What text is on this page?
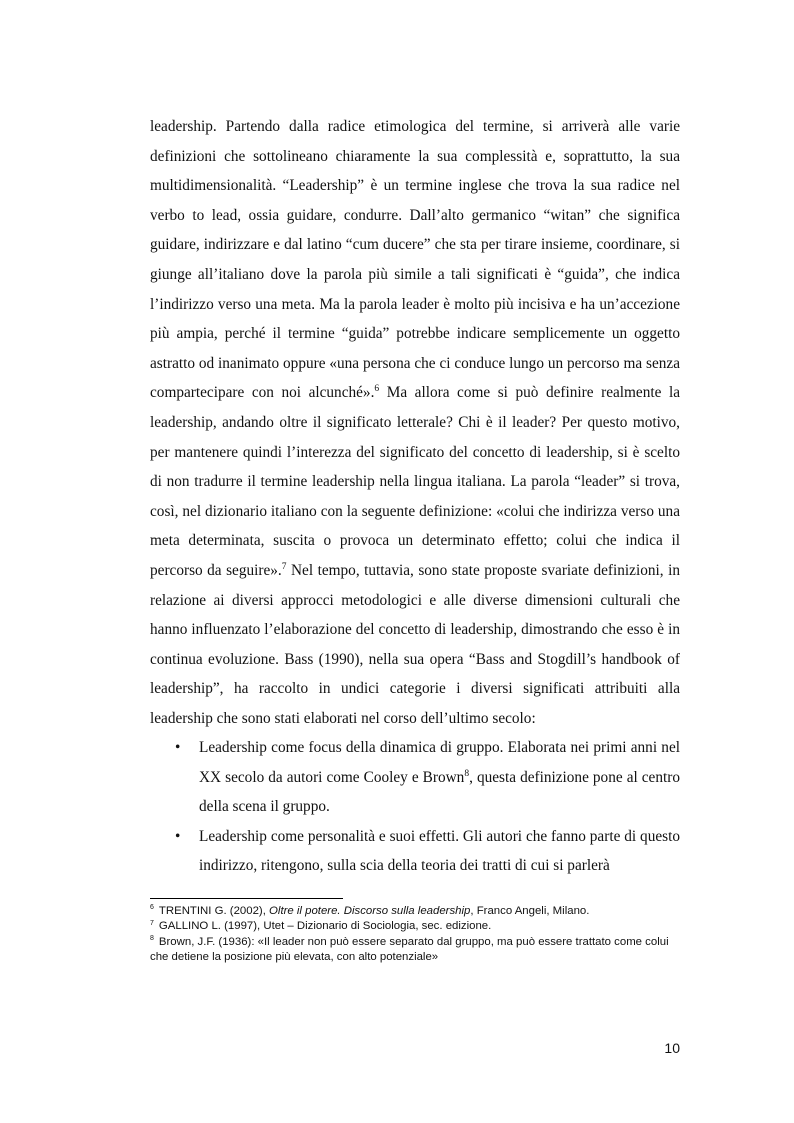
leadership. Partendo dalla radice etimologica del termine, si arriverà alle varie definizioni che sottolineano chiaramente la sua complessità e, soprattutto, la sua multidimensionalità. “Leadership” è un termine inglese che trova la sua radice nel verbo to lead, ossia guidare, condurre. Dall’alto germanico “witan” che significa guidare, indirizzare e dal latino “cum ducere” che sta per tirare insieme, coordinare, si giunge all’italiano dove la parola più simile a tali significati è “guida”, che indica l’indirizzo verso una meta. Ma la parola leader è molto più incisiva e ha un’accezione più ampia, perché il termine “guida” potrebbe indicare semplicemente un oggetto astratto od inanimato oppure «una persona che ci conduce lungo un percorso ma senza compartecipare con noi alcunché».$^6$ Ma allora come si può definire realmente la leadership, andando oltre il significato letterale? Chi è il leader? Per questo motivo, per mantenere quindi l’interezza del significato del concetto di leadership, si è scelto di non tradurre il termine leadership nella lingua italiana. La parola “leader” si trova, così, nel dizionario italiano con la seguente definizione: «colui che indirizza verso una meta determinata, suscita o provoca un determinato effetto; colui che indica il percorso da seguire».$^7$ Nel tempo, tuttavia, sono state proposte svariate definizioni, in relazione ai diversi approcci metodologici e alle diverse dimensioni culturali che hanno influenzato l’elaborazione del concetto di leadership, dimostrando che esso è in continua evoluzione. Bass (1990), nella sua opera “Bass and Stogdill’s handbook of leadership”, ha raccolto in undici categorie i diversi significati attribuiti alla leadership che sono stati elaborati nel corso dell’ultimo secolo:

• Leadership come focus della dinamica di gruppo. Elaborata nei primi anni nel XX secolo da autori come Cooley e Brown$^8$, questa definizione pone al centro della scena il gruppo.
• Leadership come personalità e suoi effetti. Gli autori che fanno parte di questo indirizzo, ritengono, sulla scia della teoria dei tratti di cui si parlerà

$^6$ TRENTINI G. (2002), Oltre il potere. Discorso sulla leadership, Franco Angeli, Milano.

$^7$ GALLINO L. (1997), Utet – Dizionario di Sociologia, sec. edizione.

$^8$ Brown, J.F. (1936): «Il leader non può essere separato dal gruppo, ma può essere trattato come colui che detiene la posizione più elevata, con alto potenziale»

10
